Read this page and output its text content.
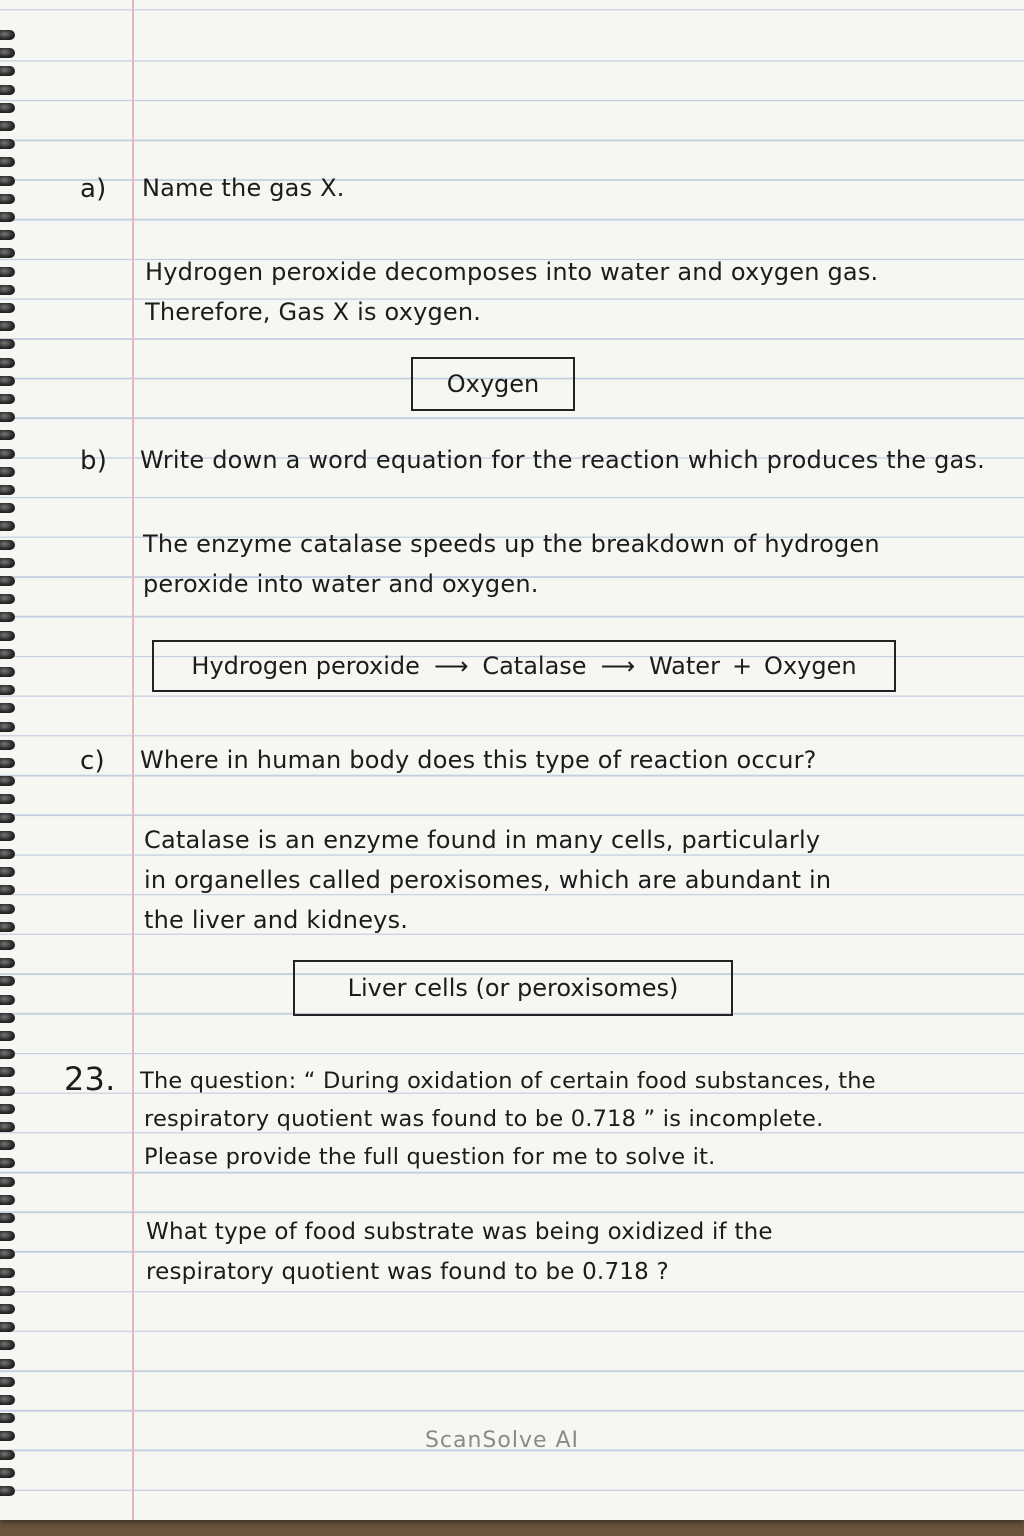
a) Name the gas X.
Hydrogen peroxide decomposes into water and oxygen gas.
Therefore, Gas X is oxygen.
Oxygen
b) Write down a word equation for the reaction which produces the gas.
The enzyme catalase speeds up the breakdown of hydrogen
peroxide into water and oxygen.
Hydrogen peroxide ⟶ Catalase ⟶ Water + Oxygen
c) Where in human body does this type of reaction occur?
Catalase is an enzyme found in many cells, particularly
in organelles called peroxisomes, which are abundant in
the liver and kidneys.
Liver cells (or peroxisomes)
23. The question: “ During oxidation of certain food substances, the
respiratory quotient was found to be 0.718 ” is incomplete.
Please provide the full question for me to solve it.
What type of food substrate was being oxidized if the
respiratory quotient was found to be 0.718 ?
ScanSolve AI
